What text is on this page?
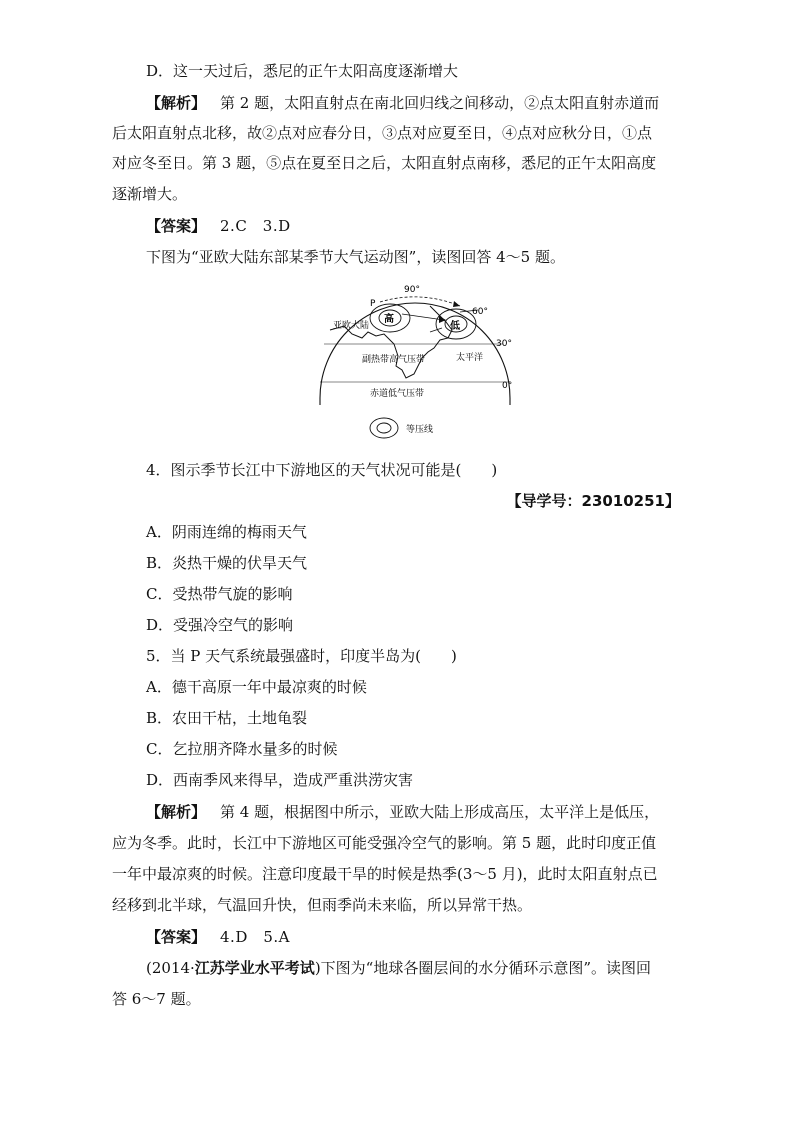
D．这一天过后，悉尼的正午太阳高度逐渐增大
【解析】 第 2 题，太阳直射点在南北回归线之间移动，②点太阳直射赤道而
后太阳直射点北移，故②点对应春分日，③点对应夏至日，④点对应秋分日，①点
对应冬至日。第 3 题，⑤点在夏至日之后，太阳直射点南移，悉尼的正午太阳高度
逐渐增大。
【答案】 2.C　3.D
下图为“亚欧大陆东部某季节大气运动图”，读图回答 4～5 题。
90°
60°
30°
0°
高
低
P
亚欧大陆
太平洋
副热带高气压带
赤道低气压带
等压线
4．图示季节长江中下游地区的天气状况可能是(　　)
【导学号：23010251】
A．阴雨连绵的梅雨天气
B．炎热干燥的伏旱天气
C．受热带气旋的影响
D．受强冷空气的影响
5．当 P 天气系统最强盛时，印度半岛为(　　)
A．德干高原一年中最凉爽的时候
B．农田干枯，土地龟裂
C．乞拉朋齐降水量多的时候
D．西南季风来得早，造成严重洪涝灾害
【解析】 第 4 题，根据图中所示，亚欧大陆上形成高压，太平洋上是低压，
应为冬季。此时，长江中下游地区可能受强冷空气的影响。第 5 题，此时印度正值
一年中最凉爽的时候。注意印度最干旱的时候是热季(3～5 月)，此时太阳直射点已
经移到北半球，气温回升快，但雨季尚未来临，所以异常干热。
【答案】 4.D　5.A
(2014·江苏学业水平考试)下图为“地球各圈层间的水分循环示意图”。读图回
答 6～7 题。
